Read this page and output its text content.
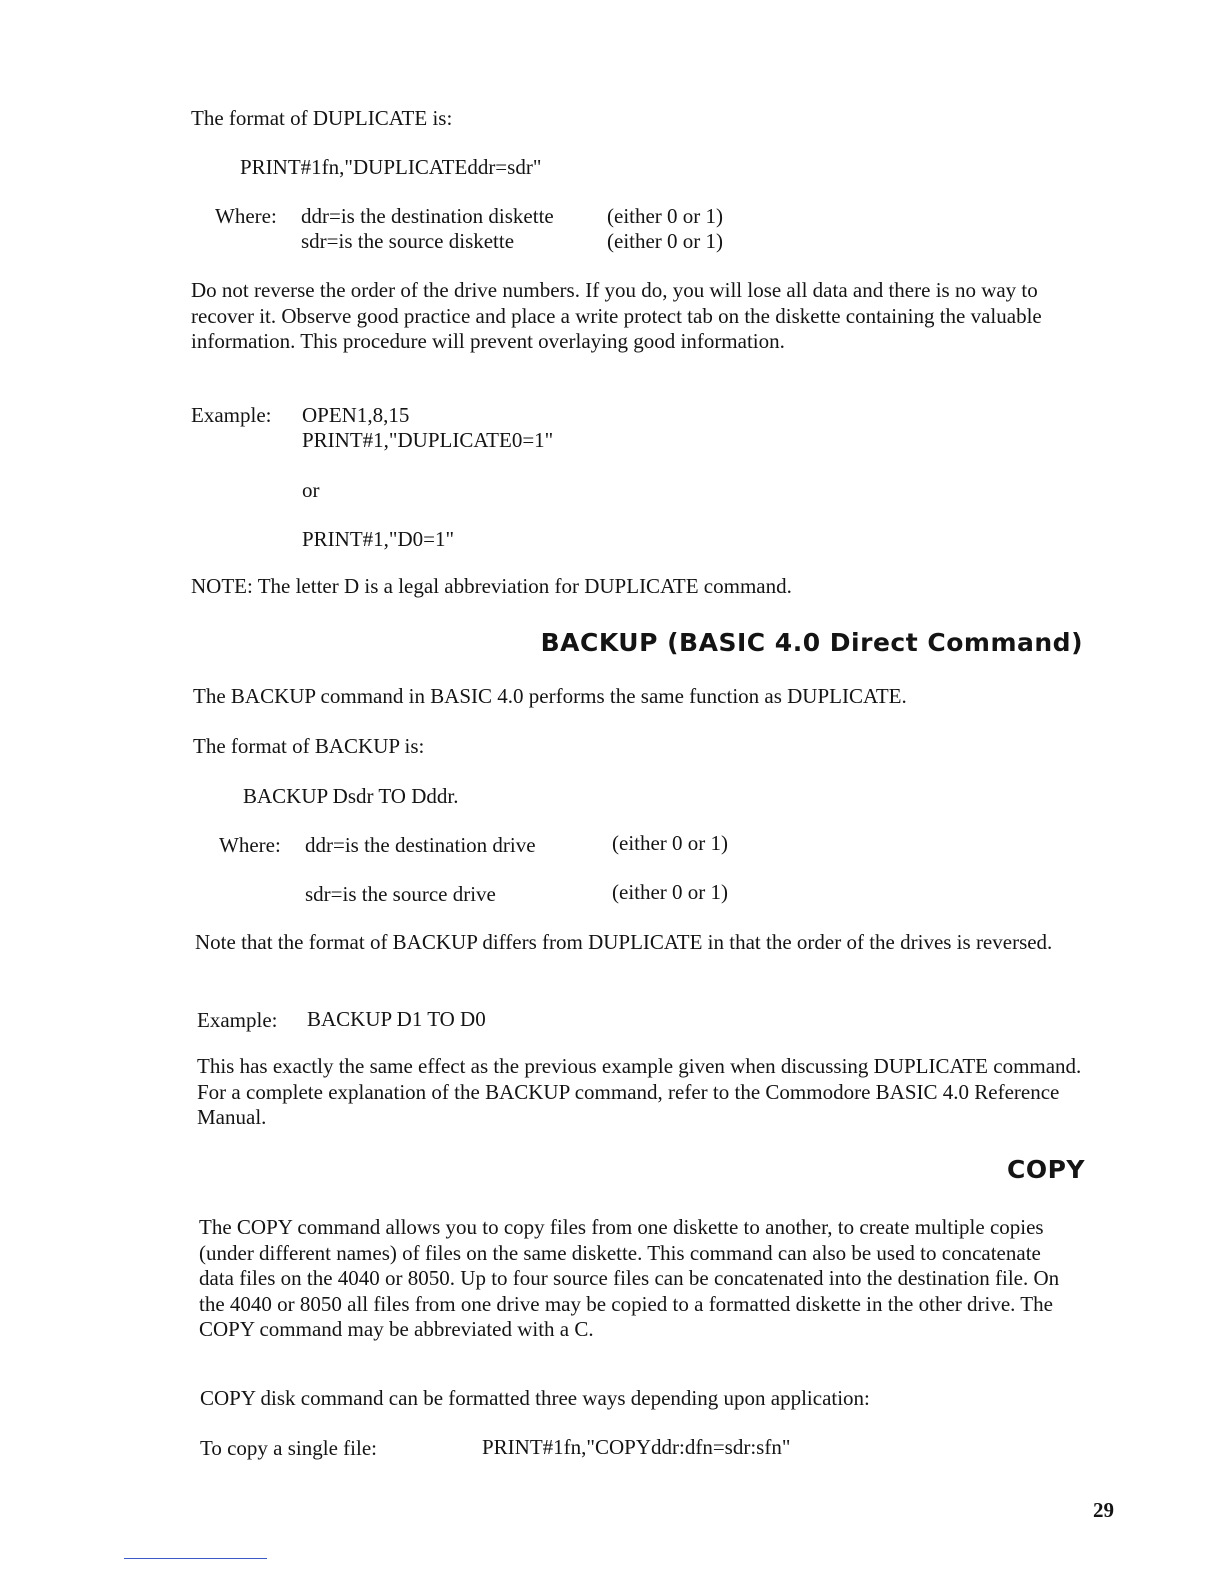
The format of DUPLICATE is:

PRINT#1fn,"DUPLICATEddr=sdr"

Where: ddr=is the destination diskette	(either 0 or 1)

sdr=is the source diskette	(either 0 or 1)

Do not reverse the order of the drive numbers. If you do, you will lose all data and there is no way to recover it. Observe good practice and place a write protect tab on the diskette containing the valuable information. This procedure will prevent overlaying good information.

Example: OPEN1,8,15

PRINT#1,"DUPLICATE0=1"

or

PRINT#1,"D0=1"

NOTE: The letter D is a legal abbreviation for DUPLICATE command.

BACKUP (BASIC 4.0 Direct Command)

The BACKUP command in BASIC 4.0 performs the same function as DUPLICATE.

The format of BACKUP is:

BACKUP Dsdr TO Dddr.

Where: ddr=is the destination drive	(either 0 or 1)

sdr=is the source drive	(either 0 or 1)

Note that the format of BACKUP differs from DUPLICATE in that the order of the drives is reversed.

Example: BACKUP D1 TO D0

This has exactly the same effect as the previous example given when discussing DUPLICATE command. For a complete explanation of the BACKUP command, refer to the Commodore BASIC 4.0 Reference Manual.

COPY

The COPY command allows you to copy files from one diskette to another, to create multiple copies (under different names) of files on the same diskette. This command can also be used to concatenate data files on the 4040 or 8050. Up to four source files can be concatenated into the destination file. On the 4040 or 8050 all files from one drive may be copied to a formatted diskette in the other drive. The COPY command may be abbreviated with a C.

COPY disk command can be formatted three ways depending upon application:

To copy a single file:	PRINT#1fn,"COPYddr:dfn=sdr:sfn"

29
